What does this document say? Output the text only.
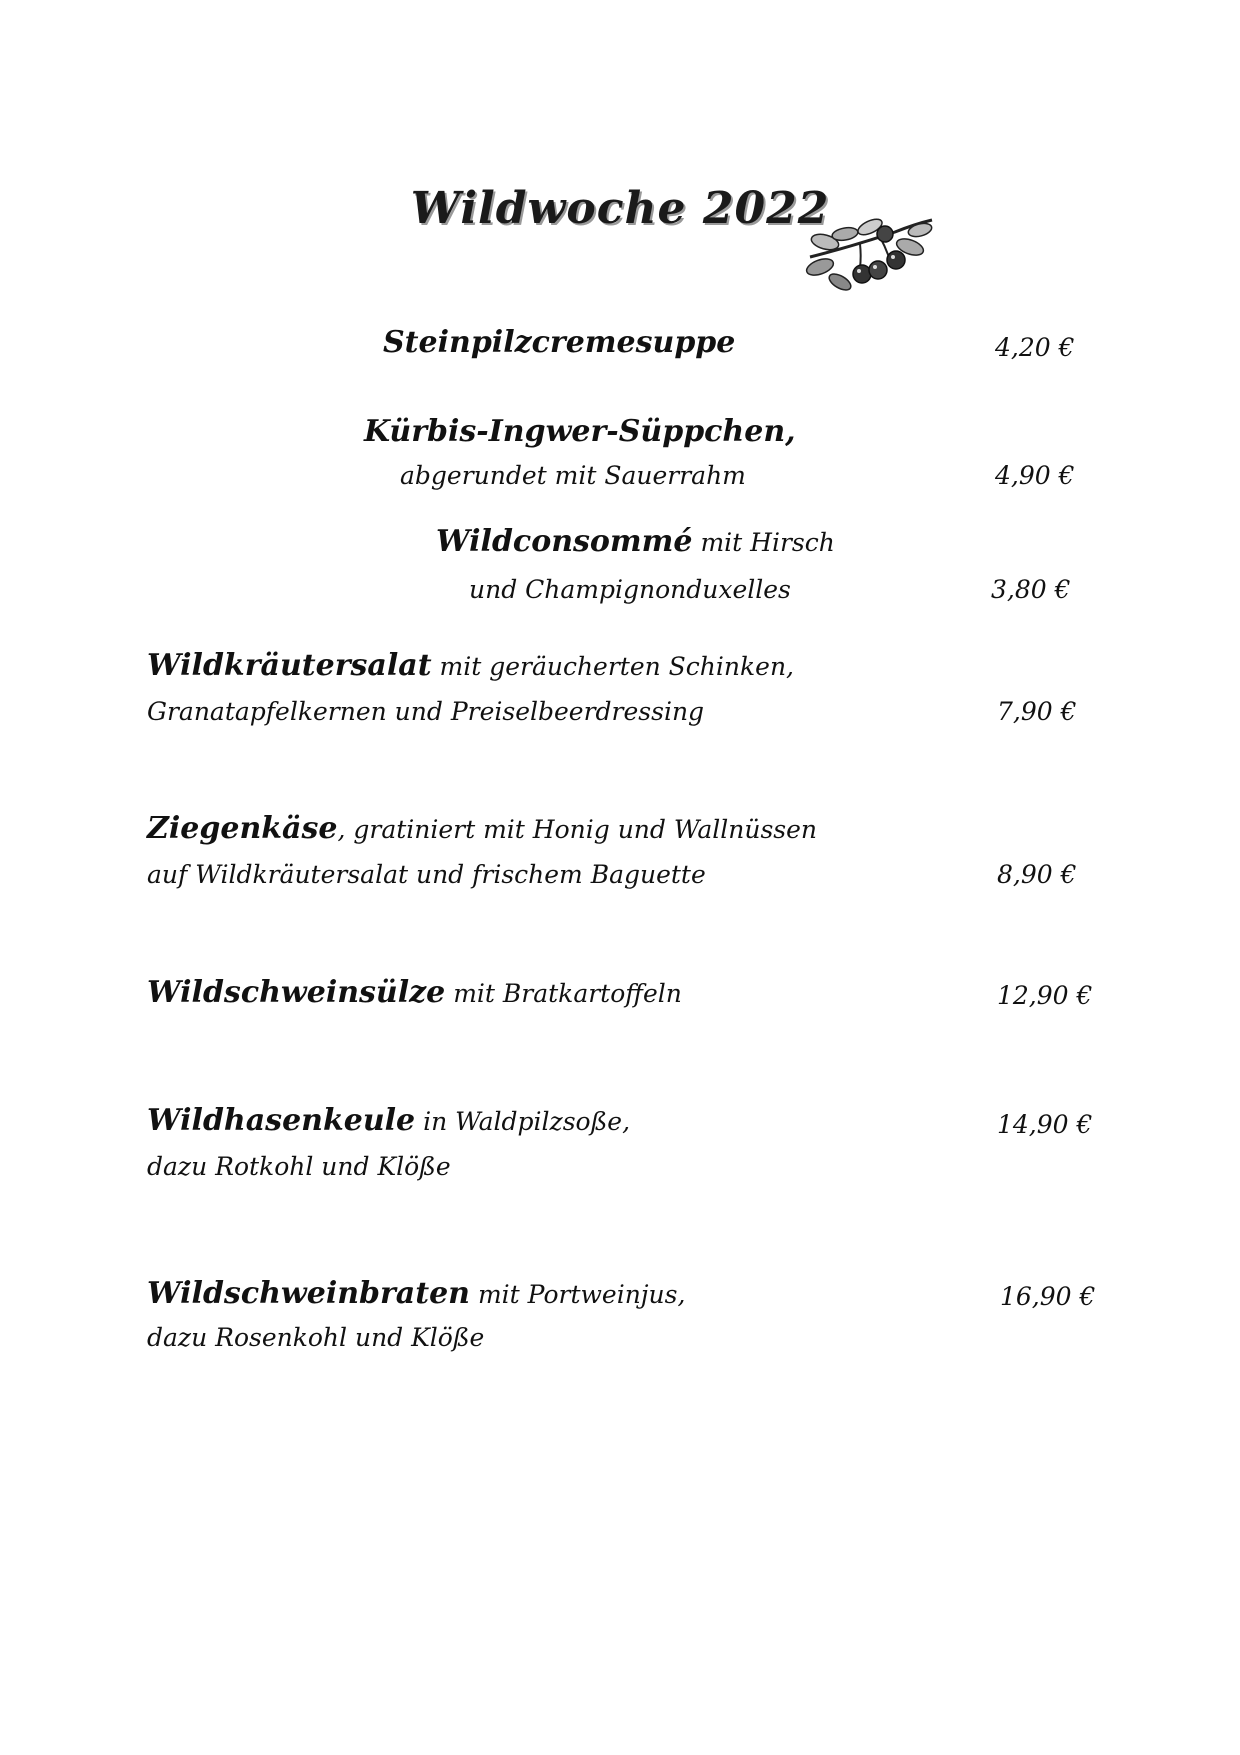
Wildwoche 2022
Steinpilzcremesuppe	4,20 €
Kürbis-Ingwer-Süppchen,
abgerundet mit Sauerrahm	4,90 €
Wildconsommé mit Hirsch
und Champignonduxelles	3,80 €
Wildkräutersalat mit geräucherten Schinken,
Granatapfelkernen und Preiselbeerdressing	7,90 €
Ziegenkäse, gratiniert mit Honig und Wallnüssen
auf Wildkräutersalat und frischem Baguette	8,90 €
Wildschweinsülze mit Bratkartoffeln	12,90 €
Wildhasenkeule in Waldpilzsoße,
dazu Rotkohl und Klöße
14,90 €
Wildschweinbraten mit Portweinjus,
dazu Rosenkohl und Klöße
16,90 €
